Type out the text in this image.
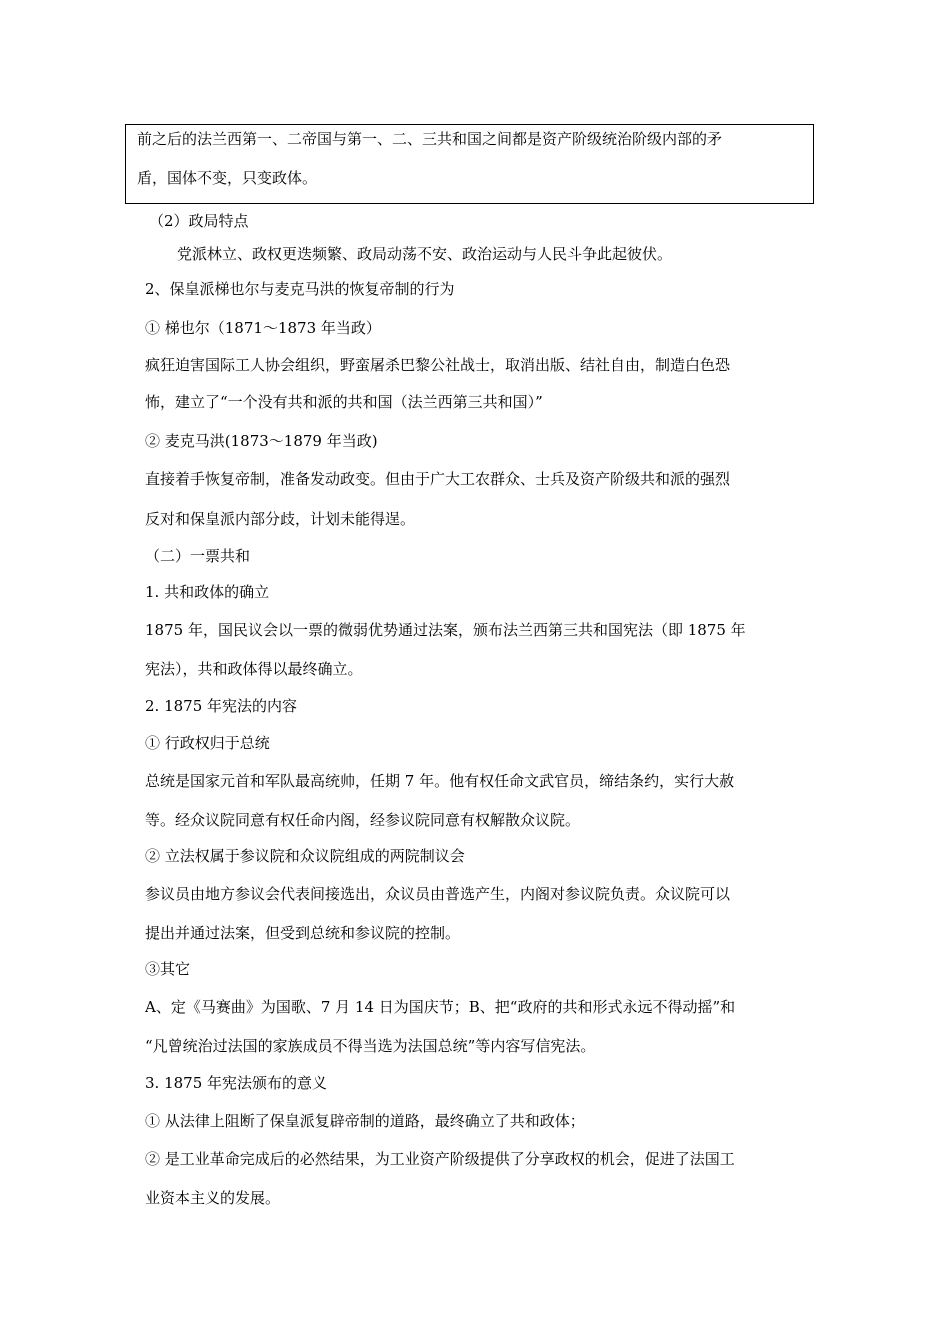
前之后的法兰西第一、二帝国与第一、二、三共和国之间都是资产阶级统治阶级内部的矛
盾，国体不变，只变政体。
（2）政局特点
党派林立、政权更迭频繁、政局动荡不安、政治运动与人民斗争此起彼伏。
2、保皇派梯也尔与麦克马洪的恢复帝制的行为
① 梯也尔（1871～1873 年当政）
疯狂迫害国际工人协会组织，野蛮屠杀巴黎公社战士，取消出版、结社自由，制造白色恐
怖，建立了“一个没有共和派的共和国（法兰西第三共和国）”
② 麦克马洪(1873～1879 年当政)
直接着手恢复帝制，准备发动政变。但由于广大工农群众、士兵及资产阶级共和派的强烈
反对和保皇派内部分歧，计划未能得逞。
（二）一票共和
1. 共和政体的确立
1875 年，国民议会以一票的微弱优势通过法案，颁布法兰西第三共和国宪法（即 1875 年
宪法），共和政体得以最终确立。
2. 1875 年宪法的内容
① 行政权归于总统
总统是国家元首和军队最高统帅，任期 7 年。他有权任命文武官员，缔结条约，实行大赦
等。经众议院同意有权任命内阁，经参议院同意有权解散众议院。
② 立法权属于参议院和众议院组成的两院制议会
参议员由地方参议会代表间接选出，众议员由普选产生，内阁对参议院负责。众议院可以
提出并通过法案，但受到总统和参议院的控制。
③其它
A、定《马赛曲》为国歌、7 月 14 日为国庆节；B、把“政府的共和形式永远不得动摇”和
“凡曾统治过法国的家族成员不得当选为法国总统”等内容写信宪法。
3. 1875 年宪法颁布的意义
① 从法律上阻断了保皇派复辟帝制的道路，最终确立了共和政体；
② 是工业革命完成后的必然结果，为工业资产阶级提供了分享政权的机会，促进了法国工
业资本主义的发展。
